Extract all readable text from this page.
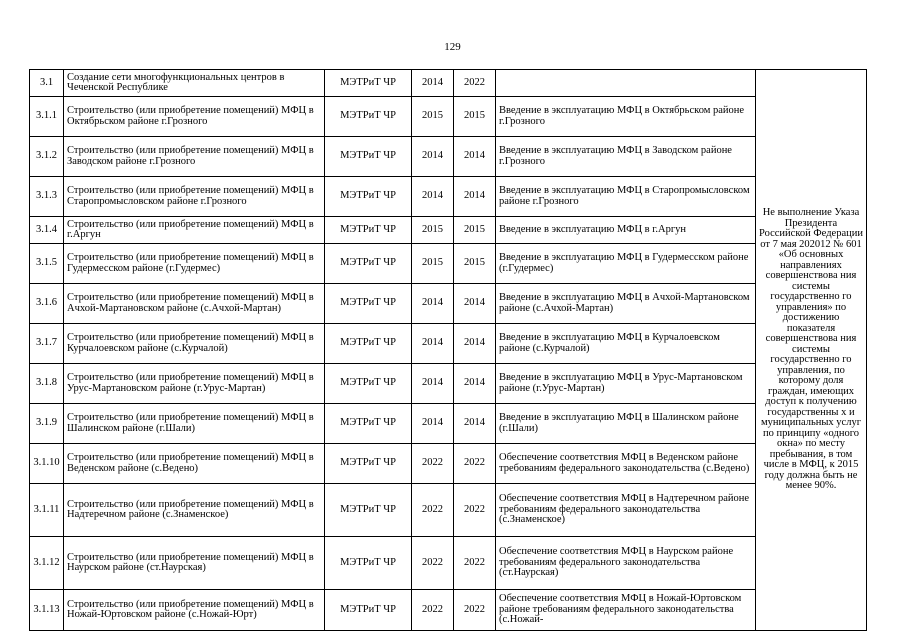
129
3.1	Создание сети многофункциональных центров в Чеченской Республике	МЭТРиТ ЧР	2014	2022		Не выполнение Указа Президента Российской Федерации от 7 мая 202012 № 601 «Об основных направлениях совершенствова ния системы государственно го управления» по достижению показателя совершенствова ния системы государственно го управления, по которому доля граждан, имеющих доступ к получению государственны х и муниципальных услуг по принципу «одного окна» по месту пребывания, в том числе в МФЦ, к 2015 году должна быть не менее 90%.
3.1.1	Строительство (или приобретение помещений) МФЦ в Октябрьском районе г.Грозного	МЭТРиТ ЧР	2015	2015	Введение в эксплуатацию МФЦ в Октябрьском районе г.Грозного	
3.1.2	Строительство (или приобретение помещений) МФЦ в Заводском районе г.Грозного	МЭТРиТ ЧР	2014	2014	Введение в эксплуатацию МФЦ в Заводском районе г.Грозного	
3.1.3	Строительство (или приобретение помещений) МФЦ в Старопромысловском районе г.Грозного	МЭТРиТ ЧР	2014	2014	Введение в эксплуатацию МФЦ в Старопромысловском районе г.Грозного	
3.1.4	Строительство (или приобретение помещений) МФЦ в г.Аргун	МЭТРиТ ЧР	2015	2015	Введение в эксплуатацию МФЦ в г.Аргун	
3.1.5	Строительство (или приобретение помещений) МФЦ в Гудермесском районе (г.Гудермес)	МЭТРиТ ЧР	2015	2015	Введение в эксплуатацию МФЦ в Гудермесском районе (г.Гудермес)	
3.1.6	Строительство (или приобретение помещений) МФЦ в Ачхой-Мартановском районе (с.Ачхой-Мартан)	МЭТРиТ ЧР	2014	2014	Введение в эксплуатацию МФЦ в Ачхой-Мартановском районе (с.Ачхой-Мартан)	
3.1.7	Строительство (или приобретение помещений) МФЦ в Курчалоевском районе (с.Курчалой)	МЭТРиТ ЧР	2014	2014	Введение в эксплуатацию МФЦ в Курчалоевском районе (с.Курчалой)	
3.1.8	Строительство (или приобретение помещений) МФЦ в Урус-Мартановском районе (г.Урус-Мартан)	МЭТРиТ ЧР	2014	2014	Введение в эксплуатацию МФЦ в Урус-Мартановском районе (г.Урус-Мартан)	
3.1.9	Строительство (или приобретение помещений) МФЦ в Шалинском районе (г.Шали)	МЭТРиТ ЧР	2014	2014	Введение в эксплуатацию МФЦ в Шалинском районе (г.Шали)	
3.1.10	Строительство (или приобретение помещений) МФЦ в Веденском районе (с.Ведено)	МЭТРиТ ЧР	2022	2022	Обеспечение соответствия МФЦ в Веденском районе требованиям федерального законодательства (с.Ведено)	
3.1.11	Строительство (или приобретение помещений) МФЦ в Надтеречном районе (с.Знаменское)	МЭТРиТ ЧР	2022	2022	Обеспечение соответствия МФЦ в Надтеречном районе требованиям федерального законодательства (с.Знаменское)	
3.1.12	Строительство (или приобретение помещений) МФЦ в Наурском районе (ст.Наурская)	МЭТРиТ ЧР	2022	2022	Обеспечение соответствия МФЦ в Наурском районе требованиям федерального законодательства (ст.Наурская)	
3.1.13	Строительство (или приобретение помещений) МФЦ в Ножай-Юртовском районе (с.Ножай-Юрт)	МЭТРиТ ЧР	2022	2022	Обеспечение соответствия МФЦ в Ножай-Юртовском районе требованиям федерального законодательства (с.Ножай-	
